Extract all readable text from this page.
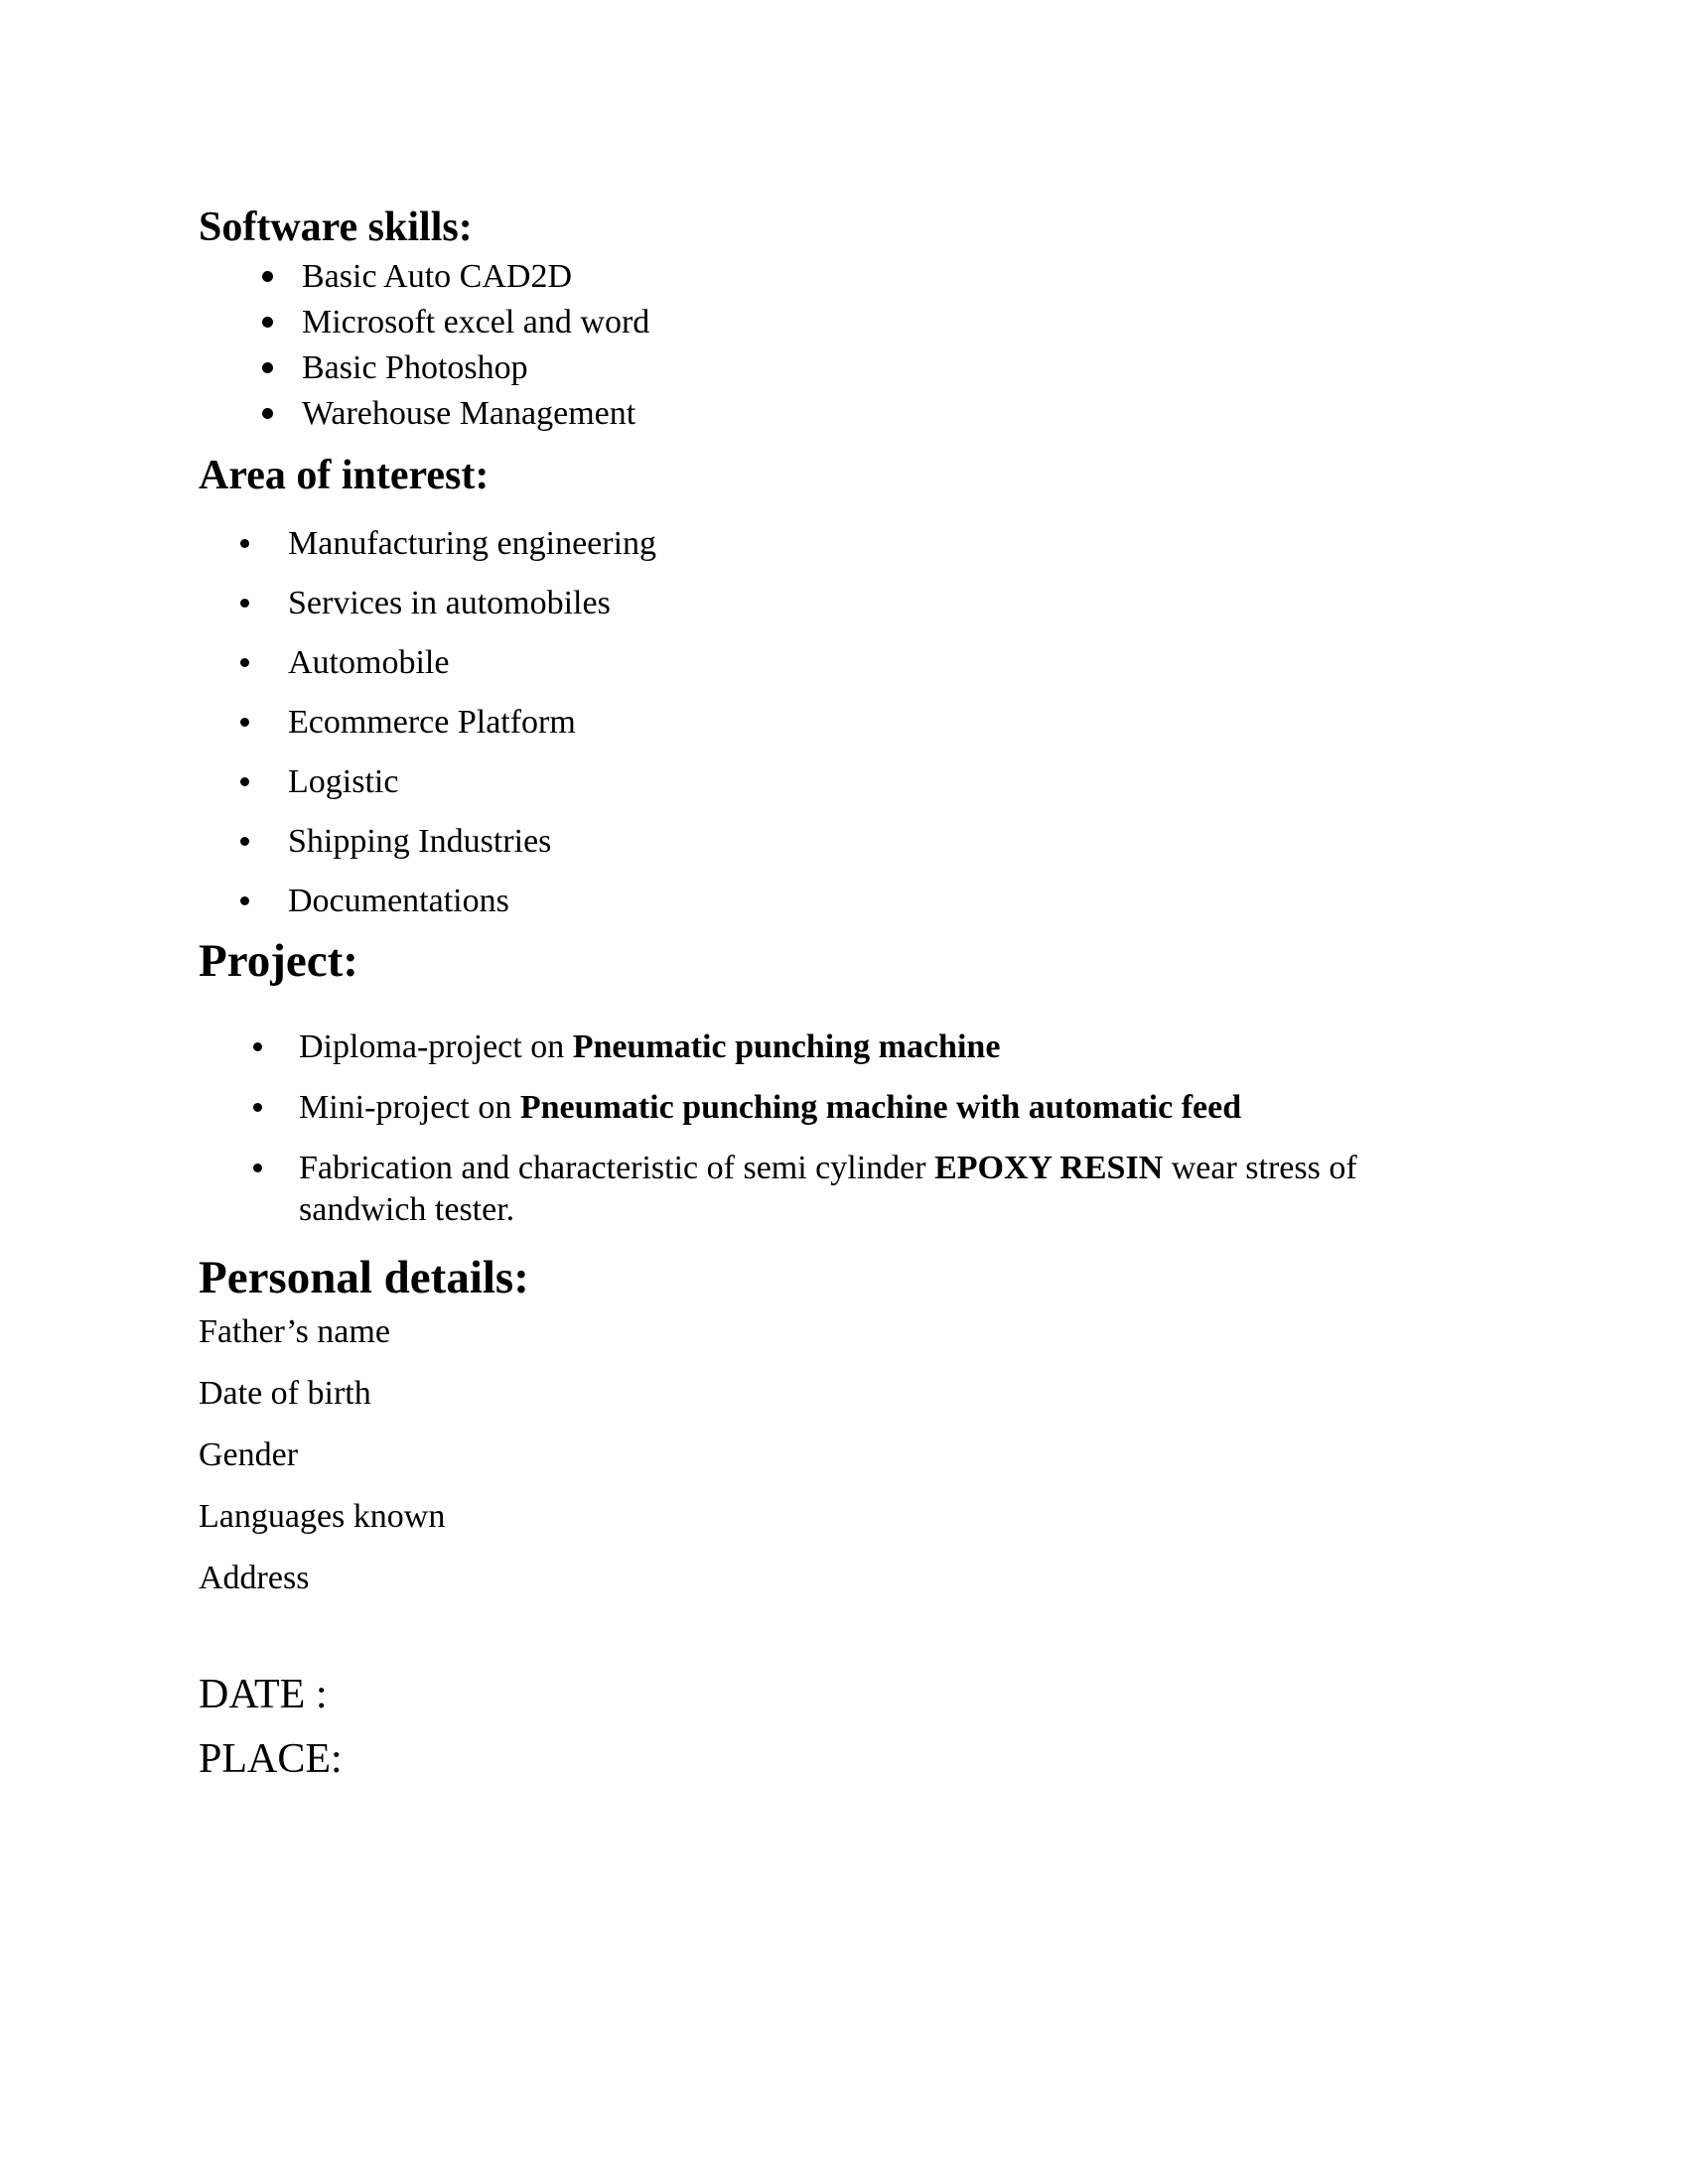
Software skills:
Basic Auto CAD2D
Microsoft excel and word
Basic Photoshop
Warehouse Management
Area of interest:
Manufacturing engineering
Services in automobiles
Automobile
Ecommerce Platform
Logistic
Shipping Industries
Documentations
Project:
Diploma-project on Pneumatic punching machine
Mini-project on Pneumatic punching machine with automatic feed
Fabrication and characteristic of semi cylinder EPOXY RESIN wear stress of sandwich tester.
Personal details:

Father’s name

Date of birth

Gender

Languages known

Address

DATE :

PLACE:
